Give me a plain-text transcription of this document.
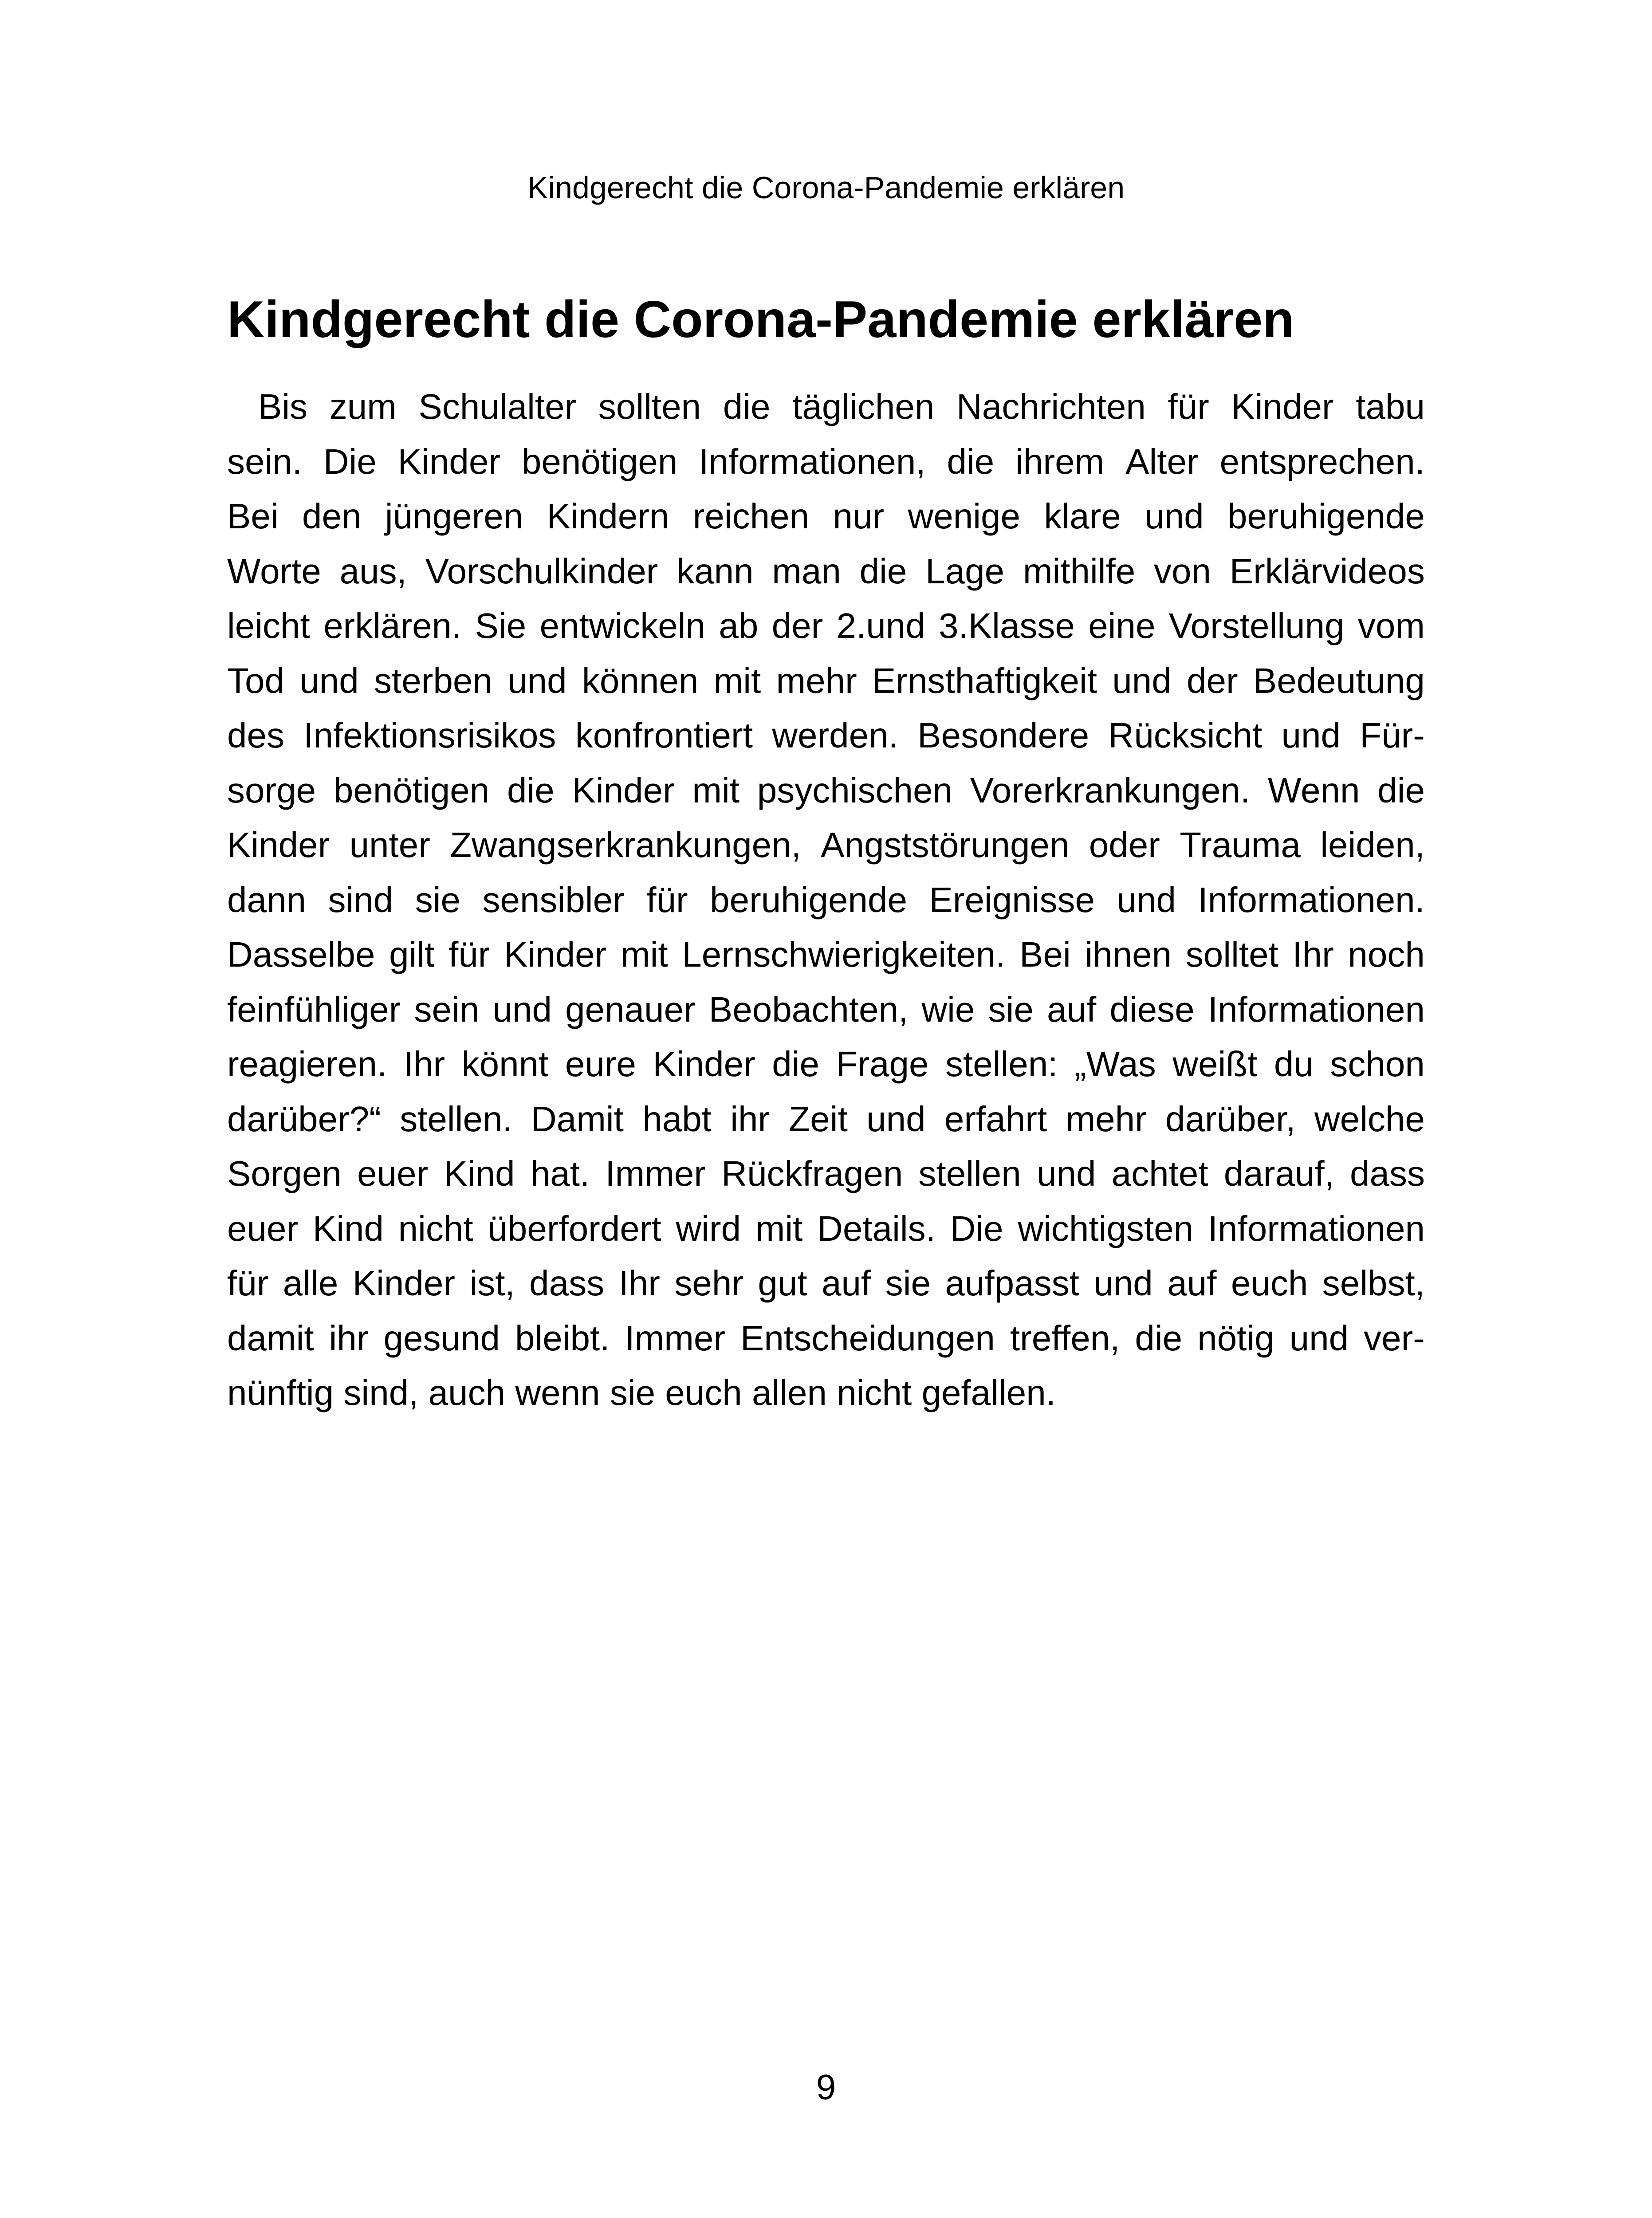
Kindgerecht die Corona-Pandemie erklären
Kindgerecht die Corona-Pandemie erklären
Bis zum Schulalter sollten die täglichen Nachrichten für Kinder tabu
sein. Die Kinder benötigen Informationen, die ihrem Alter entsprechen.
Bei den jüngeren Kindern reichen nur wenige klare und beruhigende
Worte aus, Vorschulkinder kann man die Lage mithilfe von Erklärvideos
leicht erklären. Sie entwickeln ab der 2.und 3.Klasse eine Vorstellung vom
Tod und sterben und können mit mehr Ernsthaftigkeit und der Bedeutung
des Infektionsrisikos konfrontiert werden. Besondere Rücksicht und Für-
sorge benötigen die Kinder mit psychischen Vorerkrankungen. Wenn die
Kinder unter Zwangserkrankungen, Angststörungen oder Trauma leiden,
dann sind sie sensibler für beruhigende Ereignisse und Informationen.
Dasselbe gilt für Kinder mit Lernschwierigkeiten. Bei ihnen solltet Ihr noch
feinfühliger sein und genauer Beobachten, wie sie auf diese Informationen
reagieren. Ihr könnt eure Kinder die Frage stellen: „Was weißt du schon
darüber?“ stellen. Damit habt ihr Zeit und erfahrt mehr darüber, welche
Sorgen euer Kind hat. Immer Rückfragen stellen und achtet darauf, dass
euer Kind nicht überfordert wird mit Details. Die wichtigsten Informationen
für alle Kinder ist, dass Ihr sehr gut auf sie aufpasst und auf euch selbst,
damit ihr gesund bleibt. Immer Entscheidungen treffen, die nötig und ver-
nünftig sind, auch wenn sie euch allen nicht gefallen.
9
